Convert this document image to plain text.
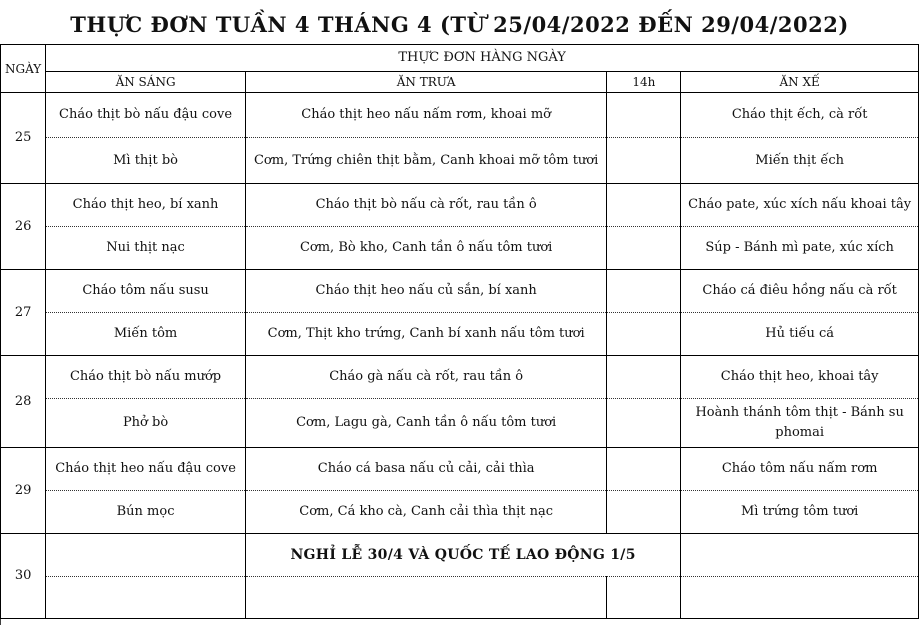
THỰC ĐƠN TUẦN 4 THÁNG 4 (TỪ 25/04/2022 ĐẾN 29/04/2022)
NGÀY	THỰC ĐƠN HÀNG NGÀY			
	ĂN SÁNG	ĂN TRƯA	14h	ĂN XẾ
25	Cháo thịt bò nấu đậu cove	Cháo thịt heo nấu nấm rơm, khoai mỡ		Cháo thịt ếch, cà rốt
	Mì thịt bò	Cơm, Trứng chiên thịt bằm, Canh khoai mỡ tôm tươi		Miến thịt ếch
26	Cháo thịt heo, bí xanh	Cháo thịt bò nấu cà rốt, rau tần ô		Cháo pate, xúc xích nấu khoai tây
	Nui thịt nạc	Cơm, Bò kho, Canh tần ô nấu tôm tươi		Súp - Bánh mì pate, xúc xích
27	Cháo tôm nấu susu	Cháo thịt heo nấu củ sắn, bí xanh		Cháo cá điêu hồng nấu cà rốt
	Miến tôm	Cơm, Thịt kho trứng, Canh bí xanh nấu tôm tươi		Hủ tiếu cá
28	Cháo thịt bò nấu mướp	Cháo gà nấu cà rốt, rau tần ô		Cháo thịt heo, khoai tây
	Phở bò	Cơm, Lagu gà, Canh tần ô nấu tôm tươi		Hoành thánh tôm thịt - Bánh su phomai
29	Cháo thịt heo nấu đậu cove	Cháo cá basa nấu củ cải, cải thìa		Cháo tôm nấu nấm rơm
	Bún mọc	Cơm, Cá kho cà, Canh cải thìa thịt nạc		Mì trứng tôm tươi
30		NGHỈ LỄ 30/4 VÀ QUỐC TẾ LAO ĐỘNG 1/5		
